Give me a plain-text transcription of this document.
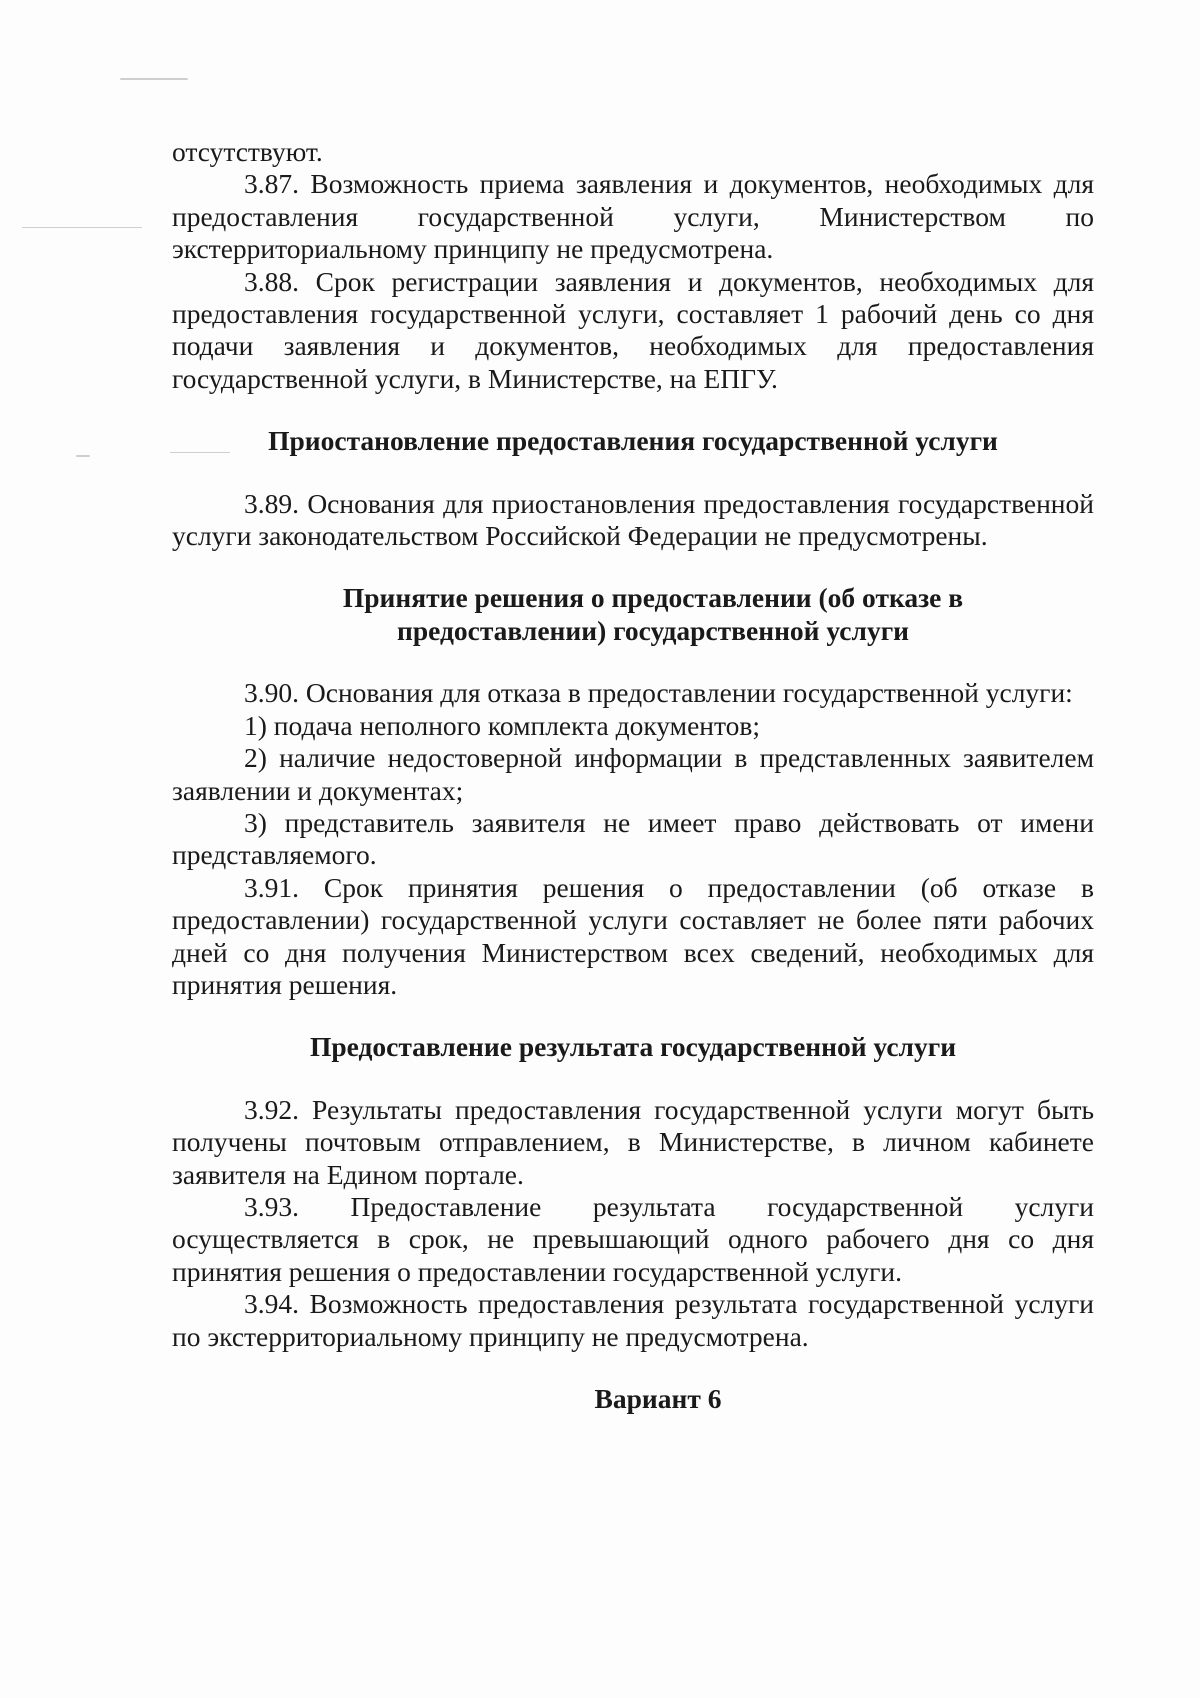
отсутствуют.

3.87. Возможность приема заявления и документов, необходимых для предоставления государственной услуги, Министерством по экстерриториальному принципу не предусмотрена.

3.88. Срок регистрации заявления и документов, необходимых для предоставления государственной услуги, составляет 1 рабочий день со дня подачи заявления и документов, необходимых для предоставления государственной услуги, в Министерстве, на ЕПГУ.

Приостановление предоставления государственной услуги

3.89. Основания для приостановления предоставления государственной услуги законодательством Российской Федерации не предусмотрены.

Принятие решения о предоставлении (об отказе в предоставлении) государственной услуги

3.90. Основания для отказа в предоставлении государственной услуги:

1) подача неполного комплекта документов;

2) наличие недостоверной информации в представленных заявителем заявлении и документах;

3) представитель заявителя не имеет право действовать от имени представляемого.

3.91. Срок принятия решения о предоставлении (об отказе в предоставлении) государственной услуги составляет не более пяти рабочих дней со дня получения Министерством всех сведений, необходимых для принятия решения.

Предоставление результата государственной услуги

3.92. Результаты предоставления государственной услуги могут быть получены почтовым отправлением, в Министерстве, в личном кабинете заявителя на Едином портале.

3.93. Предоставление результата государственной услуги осуществляется в срок, не превышающий одного рабочего дня со дня принятия решения о предоставлении государственной услуги.

3.94. Возможность предоставления результата государственной услуги по экстерриториальному принципу не предусмотрена.

Вариант 6
